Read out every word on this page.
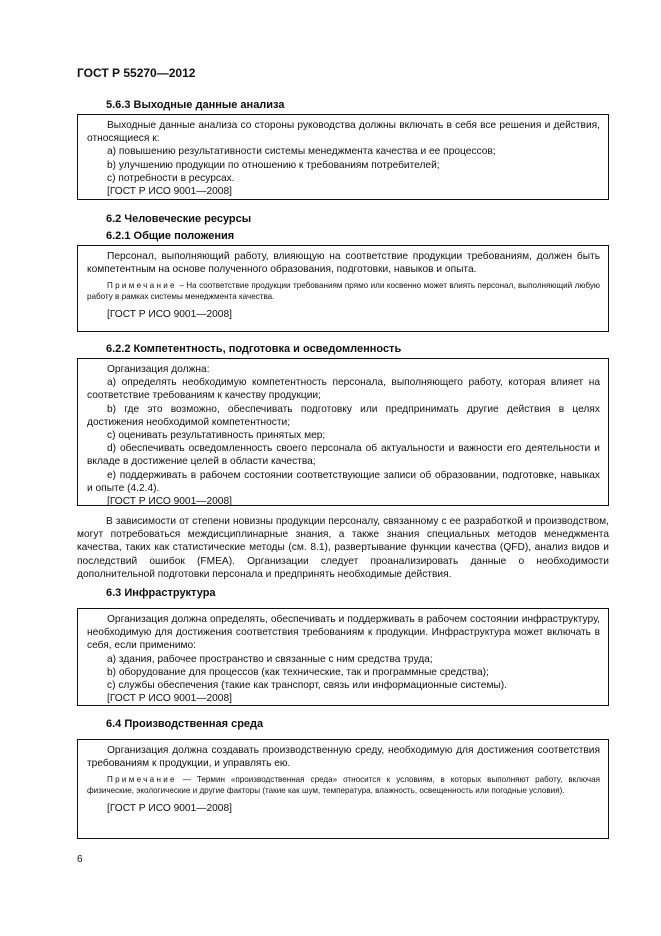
ГОСТ Р 55270—2012
5.6.3 Выходные данные анализа

Выходные данные анализа со стороны руководства должны включать в себя все решения и действия, относящиеся к:

a) повышению результативности системы менеджмента качества и ее процессов;

b) улучшению продукции по отношению к требованиям потребителей;

c) потребности в ресурсах.

[ГОСТ Р ИСО 9001—2008]

6.2 Человеческие ресурсы
6.2.1 Общие положения

Персонал, выполняющий работу, влияющую на соответствие продукции требованиям, должен быть компетентным на основе полученного образования, подготовки, навыков и опыта.

Примечание – На соответствие продукции требованиям прямо или косвенно может влиять персонал, выполняющий любую работу в рамках системы менеджмента качества.

[ГОСТ Р ИСО 9001—2008]

6.2.2 Компетентность, подготовка и осведомленность

Организация должна:

a) определять необходимую компетентность персонала, выполняющего работу, которая влияет на соответствие требованиям к качеству продукции;

b) где это возможно, обеспечивать подготовку или предпринимать другие действия в целях достижения необходимой компетентности;

c) оценивать результативность принятых мер;

d) обеспечивать осведомленность своего персонала об актуальности и важности его деятельности и вкладе в достижение целей в области качества;

e) поддерживать в рабочем состоянии соответствующие записи об образовании, подготовке, навыках и опыте (4.2.4).

[ГОСТ Р ИСО 9001—2008]

В зависимости от степени новизны продукции персоналу, связанному с ее разработкой и производством, могут потребоваться междисциплинарные знания, а также знания специальных методов менеджмента качества, таких как статистические методы (см. 8.1), развертывание функции качества (QFD), анализ видов и последствий ошибок (FMEA). Организации следует проанализировать данные о необходимости дополнительной подготовки персонала и предпринять необходимые действия.

6.3 Инфраструктура

Организация должна определять, обеспечивать и поддерживать в рабочем состоянии инфраструктуру, необходимую для достижения соответствия требованиям к продукции. Инфраструктура может включать в себя, если применимо:

a) здания, рабочее пространство и связанные с ним средства труда;

b) оборудование для процессов (как технические, так и программные средства);

c) службы обеспечения (такие как транспорт, связь или информационные системы).

[ГОСТ Р ИСО 9001—2008]

6.4 Производственная среда

Организация должна создавать производственную среду, необходимую для достижения соответствия требованиям к продукции, и управлять ею.

Примечание — Термин «производственная среда» относится к условиям, в которых выполняют работу, включая физические, экологические и другие факторы (такие как шум, температура, влажность, освещенность или погодные условия).

[ГОСТ Р ИСО 9001—2008]

6
